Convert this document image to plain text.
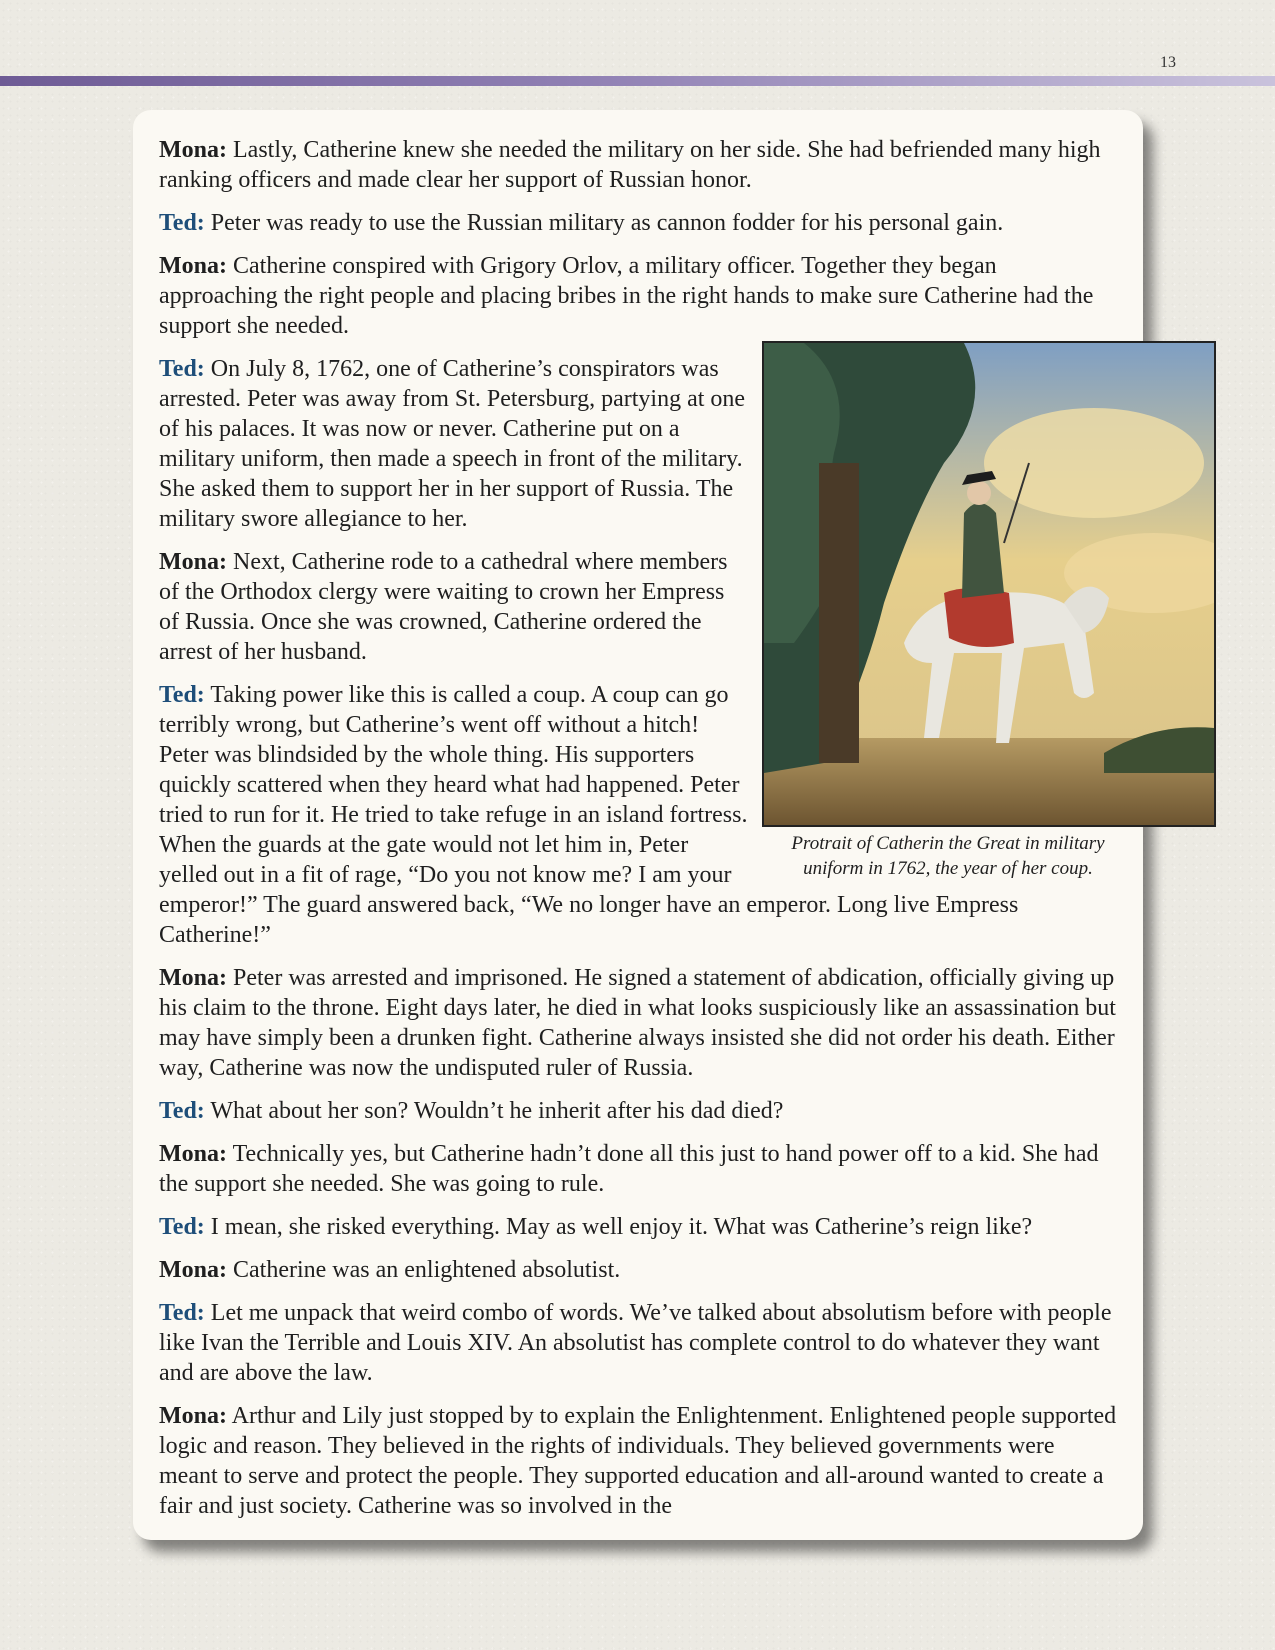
13

Mona: Lastly, Catherine knew she needed the military on her side. She had befriended many high ranking officers and made clear her support of Russian honor.

Ted: Peter was ready to use the Russian military as cannon fodder for his personal gain.

Mona: Catherine conspired with Grigory Orlov, a military officer. Together they began approaching the right people and placing bribes in the right hands to make sure Catherine had the support she needed.

Protrait of Catherin the Great in military uniform in 1762, the year of her coup.

Ted: On July 8, 1762, one of Catherine’s conspirators was arrested. Peter was away from St. Petersburg, partying at one of his palaces. It was now or never. Catherine put on a military uniform, then made a speech in front of the military. She asked them to support her in her support of Russia. The military swore allegiance to her.

Mona: Next, Catherine rode to a cathedral where members of the Orthodox clergy were waiting to crown her Empress of Russia. Once she was crowned, Catherine ordered the arrest of her husband.

Ted: Taking power like this is called a coup. A coup can go terribly wrong, but Catherine’s went off without a hitch! Peter was blindsided by the whole thing. His supporters quickly scattered when they heard what had happened. Peter tried to run for it. He tried to take refuge in an island fortress. When the guards at the gate would not let him in, Peter yelled out in a fit of rage, “Do you not know me? I am your emperor!” The guard answered back, “We no longer have an emperor. Long live Empress Catherine!”

Mona: Peter was arrested and imprisoned. He signed a statement of abdication, officially giving up his claim to the throne. Eight days later, he died in what looks suspiciously like an assassination but may have simply been a drunken fight. Catherine always insisted she did not order his death. Either way, Catherine was now the undisputed ruler of Russia.

Ted: What about her son? Wouldn’t he inherit after his dad died?

Mona: Technically yes, but Catherine hadn’t done all this just to hand power off to a kid. She had the support she needed. She was going to rule.

Ted: I mean, she risked everything. May as well enjoy it. What was Catherine’s reign like?

Mona: Catherine was an enlightened absolutist.

Ted: Let me unpack that weird combo of words. We’ve talked about absolutism before with people like Ivan the Terrible and Louis XIV. An absolutist has complete control to do whatever they want and are above the law.

Mona: Arthur and Lily just stopped by to explain the Enlightenment. Enlightened people supported logic and reason. They believed in the rights of individuals. They believed governments were meant to serve and protect the people. They supported education and all-around wanted to create a fair and just society. Catherine was so involved in the
